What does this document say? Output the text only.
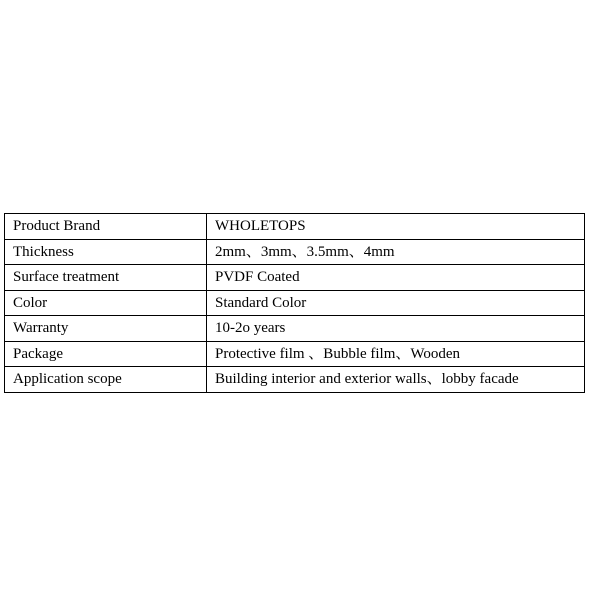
Product Brand	WHOLETOPS
Thickness	2mm、3mm、3.5mm、4mm
Surface treatment	PVDF Coated
Color	Standard Color
Warranty	10-2o years
Package	Protective film 、Bubble film、Wooden
Application scope	Building interior and exterior walls、lobby facade
